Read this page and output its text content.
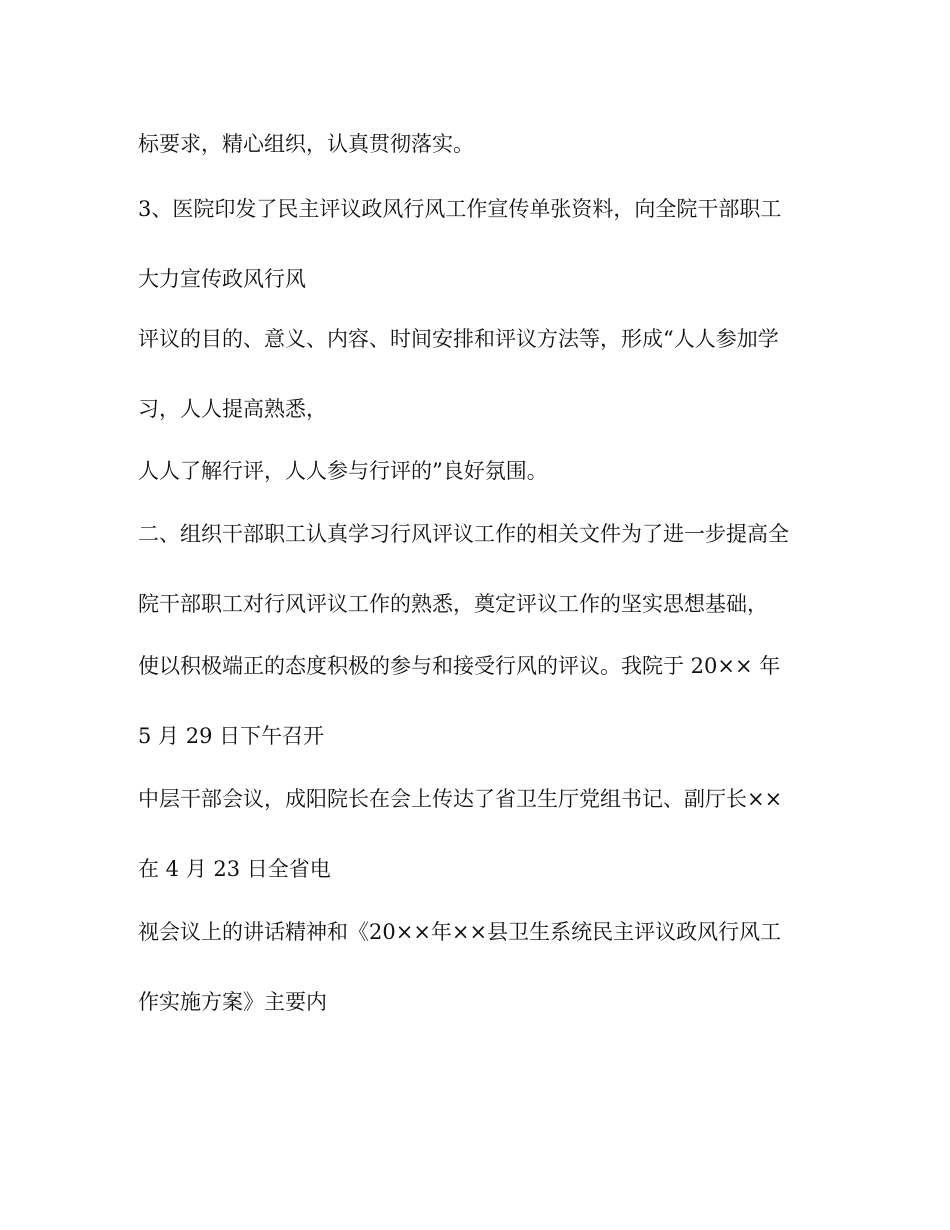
标要求，精心组织，认真贯彻落实。

3、医院印发了民主评议政风行风工作宣传单张资料，向全院干部职工

大力宣传政风行风

评议的目的、意义、内容、时间安排和评议方法等，形成“人人参加学

习，人人提高熟悉，

人人了解行评，人人参与行评的”良好氛围。

二、组织干部职工认真学习行风评议工作的相关文件为了进一步提高全

院干部职工对行风评议工作的熟悉，奠定评议工作的坚实思想基础，

使以积极端正的态度积极的参与和接受行风的评议。我院于 20×× 年

5 月 29 日下午召开

中层干部会议，成阳院长在会上传达了省卫生厅党组书记、副厅长××

在 4 月 23 日全省电

视会议上的讲话精神和《20××年××县卫生系统民主评议政风行风工

作实施方案》主要内
